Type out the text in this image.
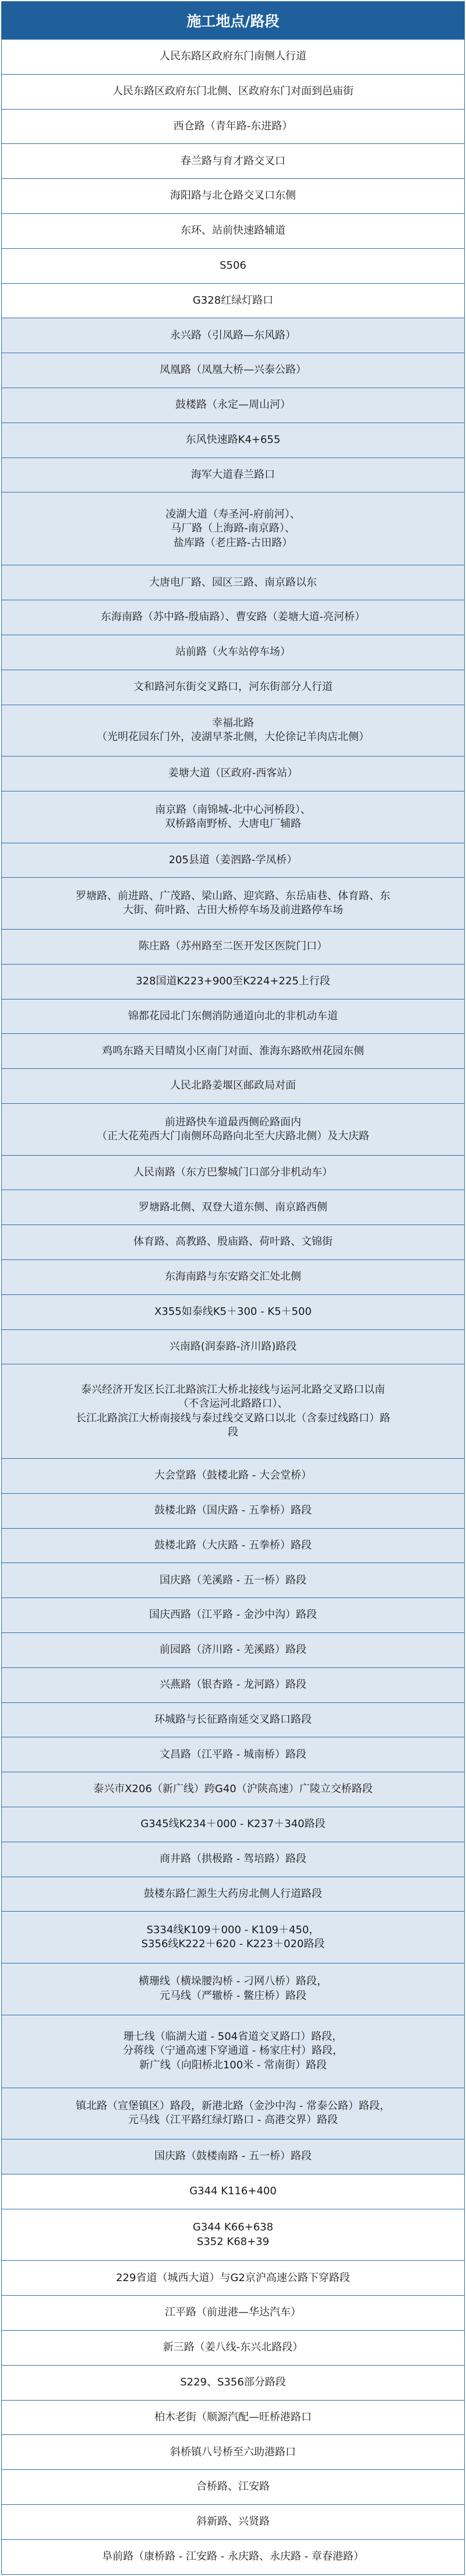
施工地点/路段
人民东路区政府东门南侧人行道
人民东路区政府东门北侧、区政府东门对面到邑庙街
西仓路（青年路-东进路）
春兰路与育才路交叉口
海阳路与北仓路交叉口东侧
东环、站前快速路辅道
S506
G328红绿灯路口
永兴路（引凤路—东风路）
凤凰路（凤凰大桥—兴泰公路）
鼓楼路（永定—周山河）
东风快速路K4+655
海军大道春兰路口
凌湖大道（寿圣河-府前河）、
马厂路（上海路-南京路）、
盐库路（老庄路-古田路）
大唐电厂路、园区三路、南京路以东
东海南路（苏中路-殷庙路）、曹安路（姜塘大道-亮河桥）
站前路（火车站停车场）
文和路河东街交叉路口，河东街部分人行道
幸福北路
（光明花园东门外，凌湖早茶北侧，大伦徐记羊肉店北侧）
姜塘大道（区政府-西客站）
南京路（南锦城-北中心河桥段）、
双桥路南野桥、大唐电厂辅路
205县道（姜泗路-学凤桥）
罗塘路、前进路、广茂路、梁山路、迎宾路、东岳庙巷、体育路、东
大街、荷叶路、古田大桥停车场及前进路停车场
陈庄路（苏州路至二医开发区医院门口）
328国道K223+900至K224+225上行段
锦都花园北门东侧消防通道向北的非机动车道
鸡鸣东路天目晴岚小区南门对面、淮海东路欧州花园东侧
人民北路姜堰区邮政局对面
前进路快车道最西侧砼路面内
（正大花苑西大门南侧环岛路向北至大庆路北侧）及大庆路
人民南路（东方巴黎城门口部分非机动车）
罗塘路北侧、双登大道东侧、南京路西侧
体育路、高教路、殷庙路、荷叶路、文锦街
东海南路与东安路交汇处北侧
X355如泰线K5＋300 - K5＋500
兴南路(润泰路-济川路)路段
泰兴经济开发区长江北路滨江大桥北接线与运河北路交叉路口以南
（不含运河北路路口）、
长江北路滨江大桥南接线与泰过线交叉路口以北（含泰过线路口）路
段
大会堂路（鼓楼北路 - 大会堂桥）
鼓楼北路（国庆路 - 五拳桥）路段
鼓楼北路（大庆路 - 五拳桥）路段
国庆路（羌溪路 - 五一桥）路段
国庆西路（江平路 - 金沙中沟）路段
前园路（济川路 - 羌溪路）路段
兴燕路（银杏路 - 龙河路）路段
环城路与长征路南延交叉路口路段
文昌路（江平路 - 城南桥）路段
泰兴市X206（新广线）跨G40（沪陕高速）广陵立交桥路段
G345线K234＋000 - K237＋340路段
商井路（拱极路 - 驾培路）路段
鼓楼东路仁源生大药房北侧人行道路段
S334线K109＋000 - K109＋450，
S356线K222＋620 - K223＋020路段
横珊线（横垛腰沟桥 - 刁网八桥）路段，
元马线（严辙桥 - 鳖庄桥）路段
珊七线（临湖大道 - 504省道交叉路口）路段，
分蒋线（宁通高速下穿通道 - 杨家庄村）路段，
新广线（向阳桥北100米 - 常南街）路段
镇北路（宣堡镇区）路段，新港北路（金沙中沟 - 常泰公路）路段，
元马线（江平路红绿灯路口 - 高港交界）路段
国庆路（鼓楼南路 - 五一桥）路段
G344 K116+400
G344 K66+638
S352 K68+39
229省道（城西大道）与G2京沪高速公路下穿路段
江平路（前进港—华达汽车）
新三路（姜八线-东兴北路段）
S229、S356部分路段
柏木老街（顺源汽配—旺桥港路口
斜桥镇八号桥至六助港路口
合桥路、江安路
斜新路、兴贤路
阜前路（康桥路 - 江安路 - 永庆路、永庆路 - 章春港路）
